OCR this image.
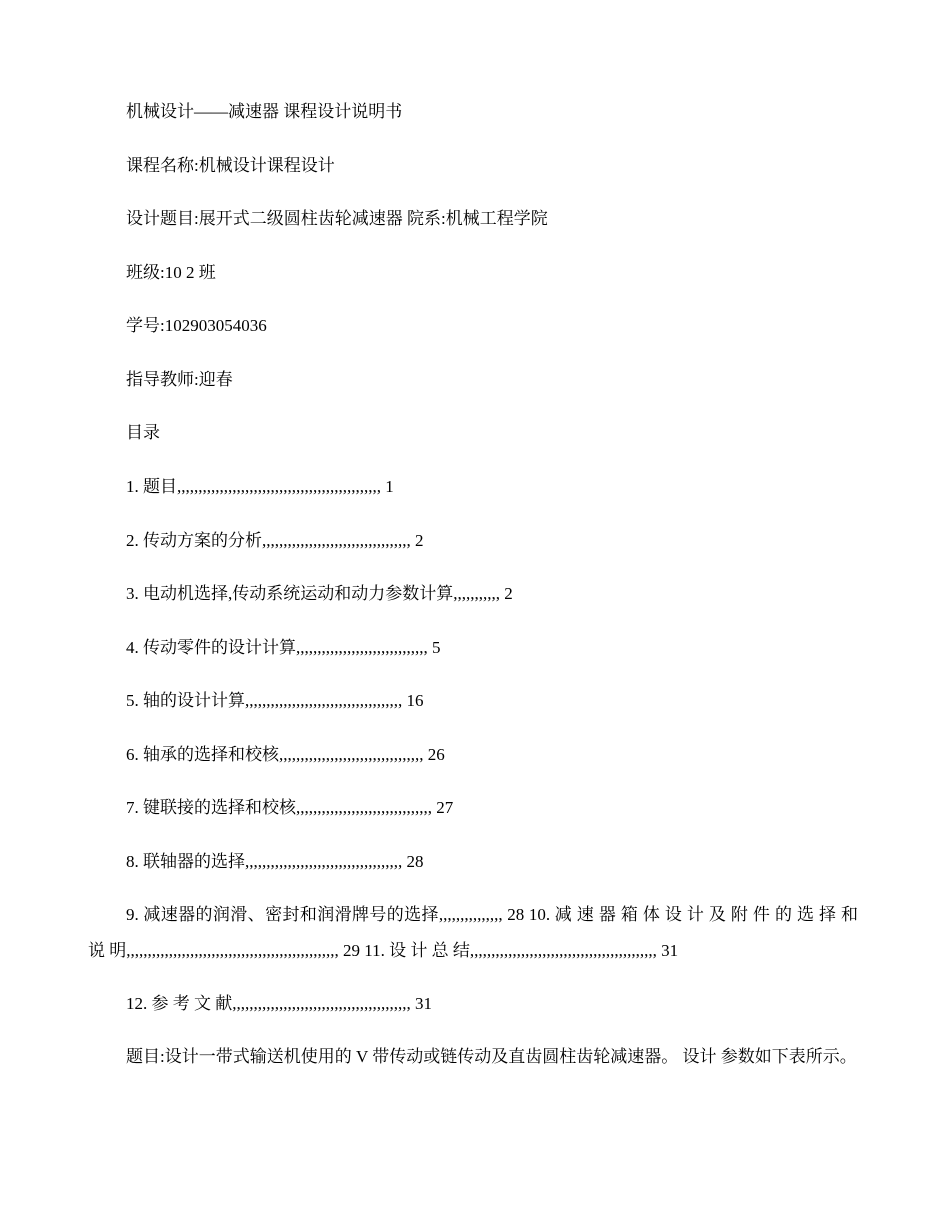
机械设计——减速器 课程设计说明书
课程名称:机械设计课程设计
设计题目:展开式二级圆柱齿轮减速器 院系:机械工程学院
班级:10 2 班
学号:102903054036
指导教师:迎春
目录
1. 题目,,,,,,,,,,,,,,,,,,,,,,,,,,,,,,,,,,,,,,,,,,,,,,,, 1
2. 传动方案的分析,,,,,,,,,,,,,,,,,,,,,,,,,,,,,,,,,,, 2
3. 电动机选择,传动系统运动和动力参数计算,,,,,,,,,,, 2
4. 传动零件的设计计算,,,,,,,,,,,,,,,,,,,,,,,,,,,,,,, 5
5. 轴的设计计算,,,,,,,,,,,,,,,,,,,,,,,,,,,,,,,,,,,,, 16
6. 轴承的选择和校核,,,,,,,,,,,,,,,,,,,,,,,,,,,,,,,,,, 26
7. 键联接的选择和校核,,,,,,,,,,,,,,,,,,,,,,,,,,,,,,,, 27
8. 联轴器的选择,,,,,,,,,,,,,,,,,,,,,,,,,,,,,,,,,,,,, 28
9. 减速器的润滑、密封和润滑牌号的选择,,,,,,,,,,,,,,, 28 10. 减 速 器 箱 体 设 计 及 附 件 的 选 择 和 说 明,,,,,,,,,,,,,,,,,,,,,,,,,,,,,,,,,,,,,,,,,,,,,,,,,, 29 11. 设 计 总 结,,,,,,,,,,,,,,,,,,,,,,,,,,,,,,,,,,,,,,,,,,,, 31
12. 参 考 文 献,,,,,,,,,,,,,,,,,,,,,,,,,,,,,,,,,,,,,,,,,, 31
题目:设计一带式输送机使用的 V 带传动或链传动及直齿圆柱齿轮减速器。 设计 参数如下表所示。
